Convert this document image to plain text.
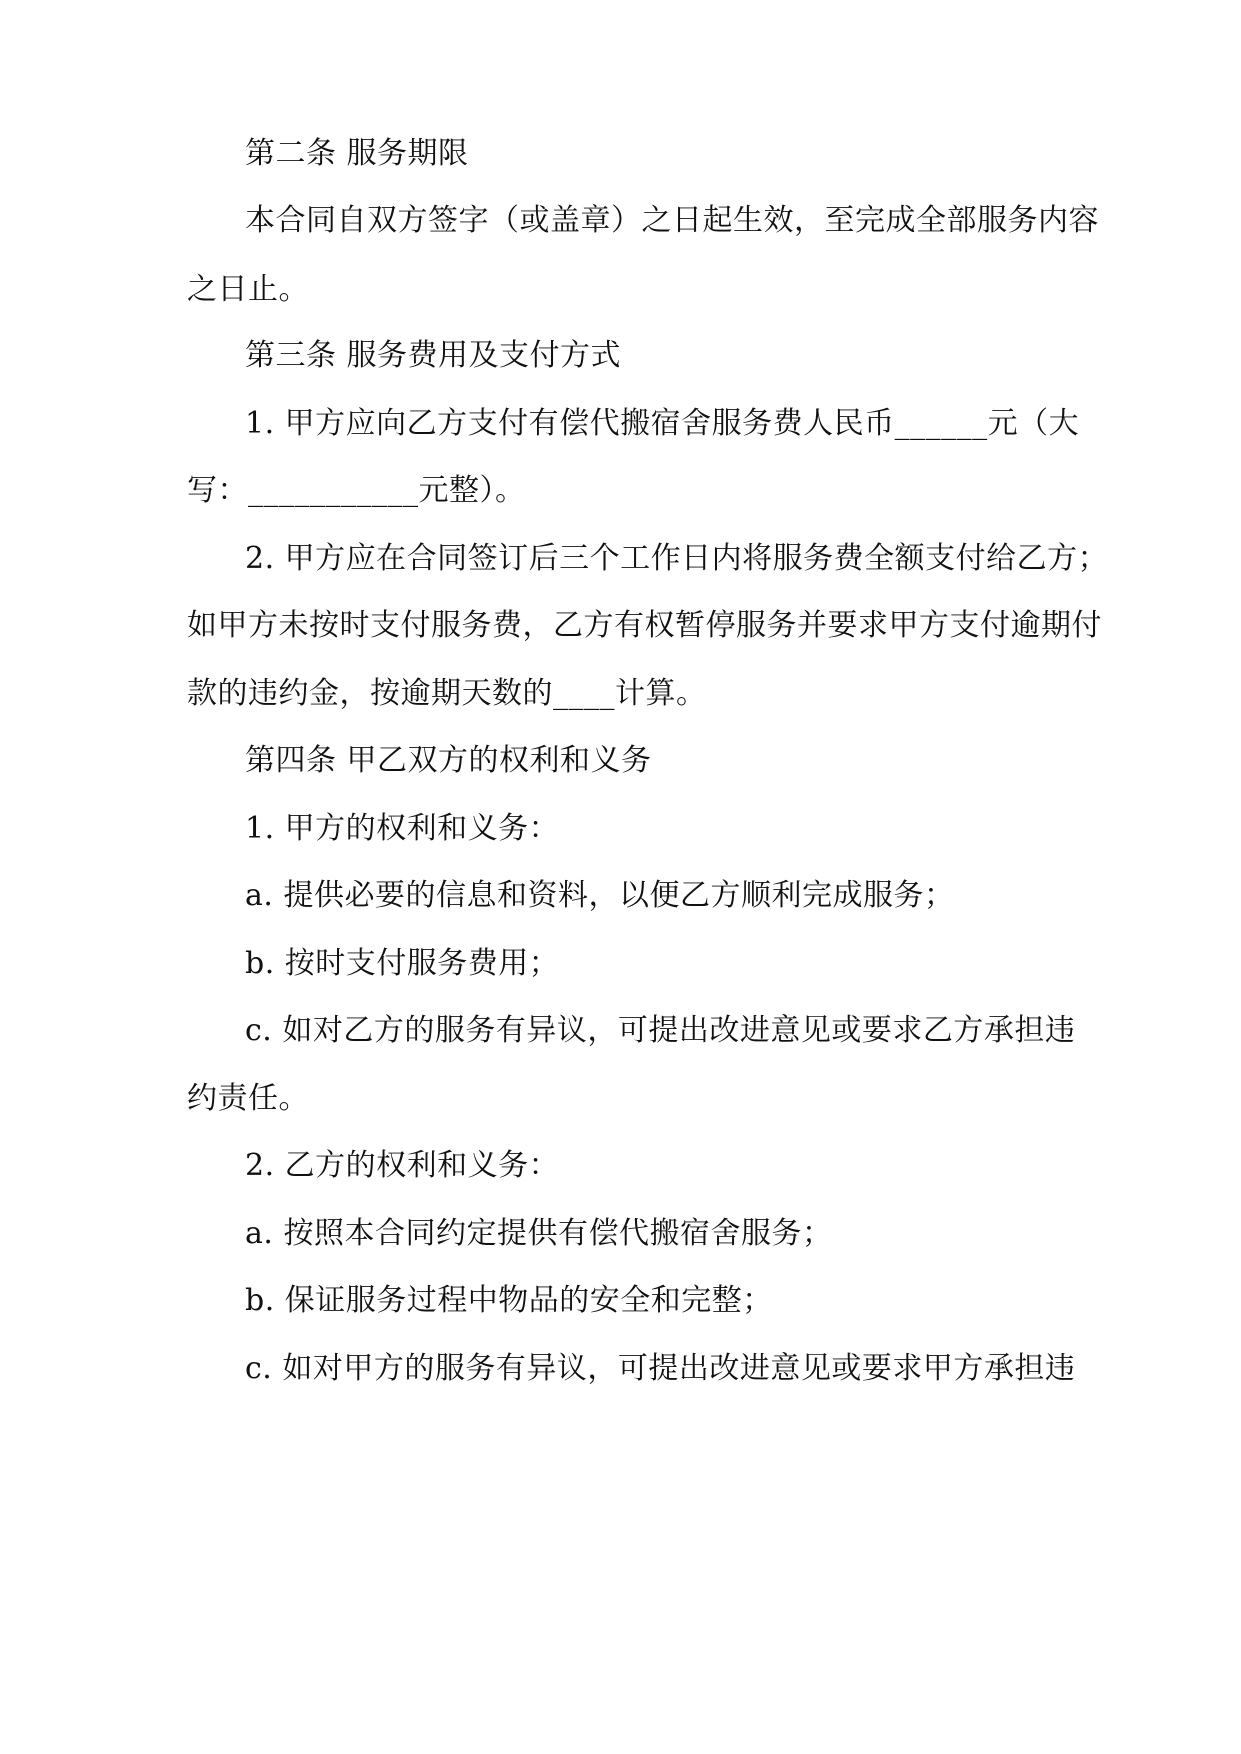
第二条 服务期限
本合同自双方签字（或盖章）之日起生效，至完成全部服务内容
之日止。
第三条 服务费用及支付方式
1. 甲方应向乙方支付有偿代搬宿舍服务费人民币______元（大
写：___________元整）。
2. 甲方应在合同签订后三个工作日内将服务费全额支付给乙方；
如甲方未按时支付服务费，乙方有权暂停服务并要求甲方支付逾期付
款的违约金，按逾期天数的____计算。
第四条 甲乙双方的权利和义务
1. 甲方的权利和义务：
a. 提供必要的信息和资料，以便乙方顺利完成服务；
b. 按时支付服务费用；
c. 如对乙方的服务有异议，可提出改进意见或要求乙方承担违
约责任。
2. 乙方的权利和义务：
a. 按照本合同约定提供有偿代搬宿舍服务；
b. 保证服务过程中物品的安全和完整；
c. 如对甲方的服务有异议，可提出改进意见或要求甲方承担违
